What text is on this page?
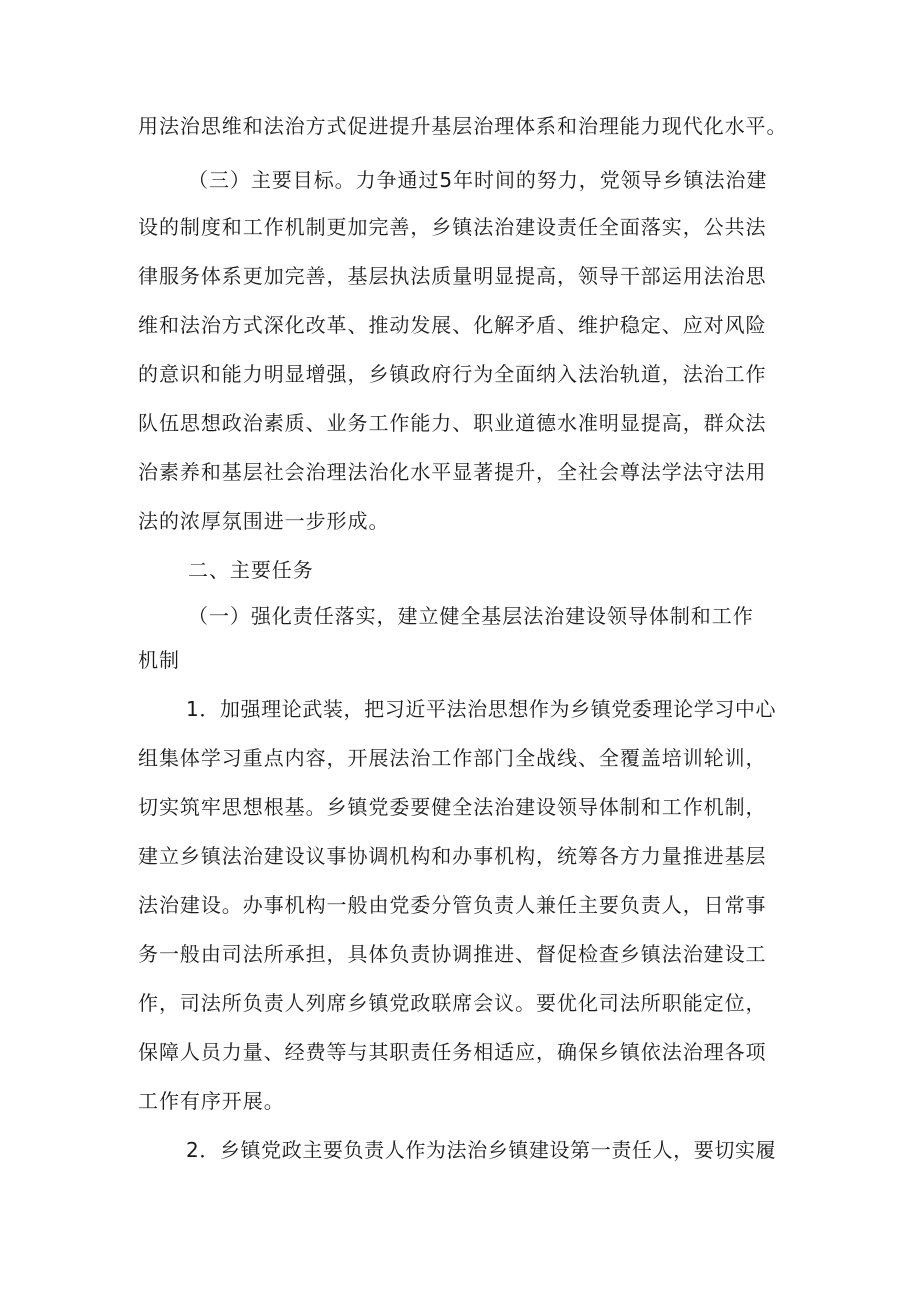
用法治思维和法治方式促进提升基层治理体系和治理能力现代化水平。
（三）主要目标。力争通过5年时间的努力，党领导乡镇法治建
设的制度和工作机制更加完善，乡镇法治建设责任全面落实，公共法
律服务体系更加完善，基层执法质量明显提高，领导干部运用法治思
维和法治方式深化改革、推动发展、化解矛盾、维护稳定、应对风险
的意识和能力明显增强，乡镇政府行为全面纳入法治轨道，法治工作
队伍思想政治素质、业务工作能力、职业道德水准明显提高，群众法
治素养和基层社会治理法治化水平显著提升，全社会尊法学法守法用
法的浓厚氛围进一步形成。
二、主要任务
（一）强化责任落实，建立健全基层法治建设领导体制和工作
机制
1．加强理论武装，把习近平法治思想作为乡镇党委理论学习中心
组集体学习重点内容，开展法治工作部门全战线、全覆盖培训轮训，
切实筑牢思想根基。乡镇党委要健全法治建设领导体制和工作机制，
建立乡镇法治建设议事协调机构和办事机构，统筹各方力量推进基层
法治建设。办事机构一般由党委分管负责人兼任主要负责人，日常事
务一般由司法所承担，具体负责协调推进、督促检查乡镇法治建设工
作，司法所负责人列席乡镇党政联席会议。要优化司法所职能定位，
保障人员力量、经费等与其职责任务相适应，确保乡镇依法治理各项
工作有序开展。
2．乡镇党政主要负责人作为法治乡镇建设第一责任人，要切实履
